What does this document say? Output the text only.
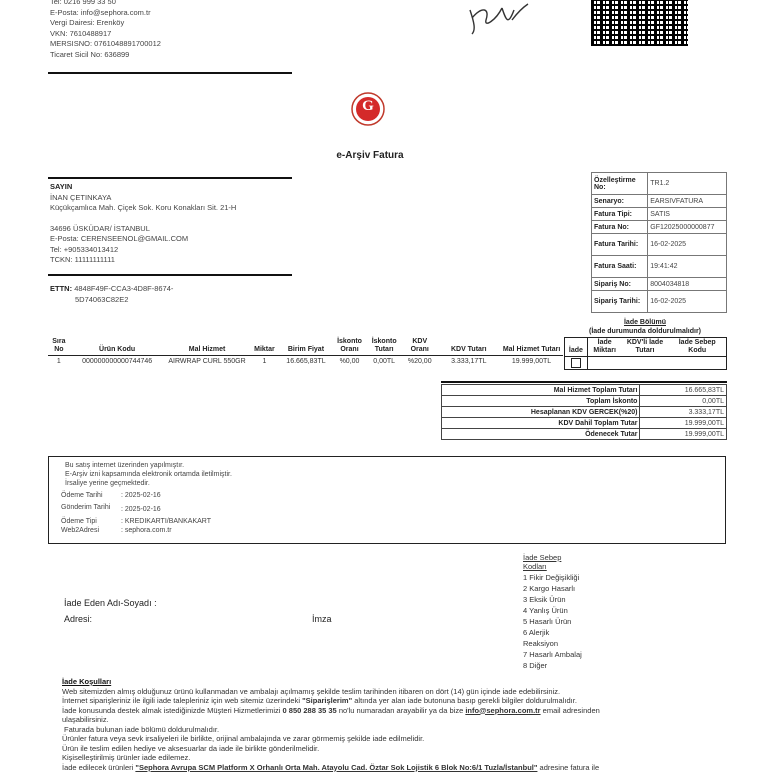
Tel: 0216 999 33 50
E-Posta: info@sephora.com.tr
Vergi Dairesi: Erenköy
VKN: 7610488917
MERSISNO: 0761048891700012
Ticaret Sicil No: 636899
G
e-Arşiv Fatura
SAYIN
İNAN ÇETINKAYA
Küçükçamlıca Mah. Çiçek Sok. Koru Konakları Sit. 21-H
34696 ÜSKÜDAR/ İSTANBUL
E-Posta: CERENSEENOL@GMAIL.COM
Tel: +905334013412
TCKN: 11111111111
ETTN: 4848F49F-CCA3-4D8F-8674-
5D74063C82E2
Özelleştirme No:	TR1.2
Senaryo:	EARSIVFATURA
Fatura Tipi:	SATIS
Fatura No:	GF12025000000877
Fatura Tarihi:	16-02-2025
Fatura Saati:	19:41:42
Sipariş No:	8004034818
Sipariş Tarihi:	16-02-2025
İade Bölümü
(İade durumunda doldurulmalıdır)
Sıra No	Ürün Kodu	Mal Hizmet	Miktar	Birim Fiyat	İskonto Oranı	İskonto Tutarı	KDV Oranı	KDV Tutarı	Mal Hizmet Tutarı
1	000000000000744746	AIRWRAP CURL 550GR	1	16.665,83TL	%0,00	0,00TL	%20,00	3.333,17TL	19.999,00TL
İade	İade Miktarı	KDV'li İade Tutarı	İade Sebep Kodu

Mal Hizmet Toplam Tutarı	16.665,83TL
Toplam İskonto	0,00TL
Hesaplanan KDV GERCEK(%20)	3.333,17TL
KDV Dahil Toplam Tutar	19.999,00TL
Ödenecek Tutar	19.999,00TL
Bu satış internet üzerinden yapılmıştır.
E-Arşiv izni kapsamında elektronik ortamda iletilmiştir.
İrsaliye yerine geçmektedir.
Ödeme Tarihi	: 2025-02-16
Gönderim Tarihi	: 2025-02-16
Ödeme Tipi	: KREDIKARTI/BANKAKART
Web2Adresi	: sephora.com.tr
İade Eden Adı-Soyadı :
Adresi:	İmza
İade Sebep
Kodları
1 Fikir Değişikliği
2 Kargo Hasarlı
3 Eksik Ürün
4 Yanlış Ürün
5 Hasarlı Ürün
6 Alerjik Reaksiyon
7 Hasarlı Ambalaj
8 Diğer
İade Koşulları
Web sitemizden almış olduğunuz ürünü kullanmadan ve ambalajı açılmamış şekilde teslim tarihinden itibaren on dört (14) gün içinde iade edebilirsiniz.
İnternet siparişleriniz ile ilgili iade talepleriniz için web sitemiz üzerindeki "Siparişlerim" altında yer alan iade butonuna basıp gerekli bilgiler doldurulmalıdır.
İade konusunda destek almak istediğinizde Müşteri Hizmetlerimizi 0 850 288 35 35 no'lu numaradan arayabilir ya da bize info@sephora.com.tr email adresinden
ulaşabilirsiniz.
Faturada bulunan iade bölümü doldurulmalıdır.
Ürünler fatura veya sevk irsaliyeleri ile birlikte, orijinal ambalajında ve zarar görmemiş şekilde iade edilmelidir.
Ürün ile teslim edilen hediye ve aksesuarlar da iade ile birlikte gönderilmelidir.
Kişiselleştirilmiş ürünler iade edilemez.
İade edilecek ürünleri "Sephora Avrupa SCM Platform X Orhanlı Orta Mah. Atayolu Cad. Öztar Sok Lojistik 6 Blok No:6/1 Tuzla/İstanbul" adresine fatura ile
